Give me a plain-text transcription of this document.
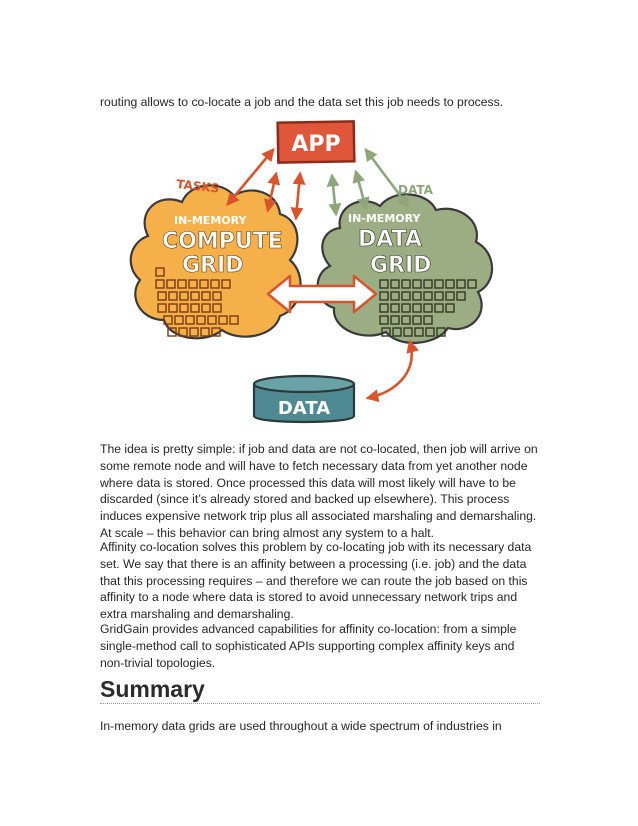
routing allows to co-locate a job and the data set this job needs to process.

APP
IN-MEMORY
COMPUTE
GRID
IN-MEMORY
DATA
GRID
TASKS	DATA
DATA

The idea is pretty simple: if job and data are not co-located, then job will arrive on some remote node and will have to fetch necessary data from yet another node where data is stored. Once processed this data will most likely will have to be discarded (since it’s already stored and backed up elsewhere). This process induces expensive network trip plus all associated marshaling and demarshaling. At scale – this behavior can bring almost any system to a halt.

Affinity co-location solves this problem by co-locating job with its necessary data set. We say that there is an affinity between a processing (i.e. job) and the data that this processing requires – and therefore we can route the job based on this affinity to a node where data is stored to avoid unnecessary network trips and extra marshaling and demarshaling.

GridGain provides advanced capabilities for affinity co-location: from a simple single-method call to sophisticated APIs supporting complex affinity keys and non-trivial topologies.

Summary

In-memory data grids are used throughout a wide spectrum of industries in
